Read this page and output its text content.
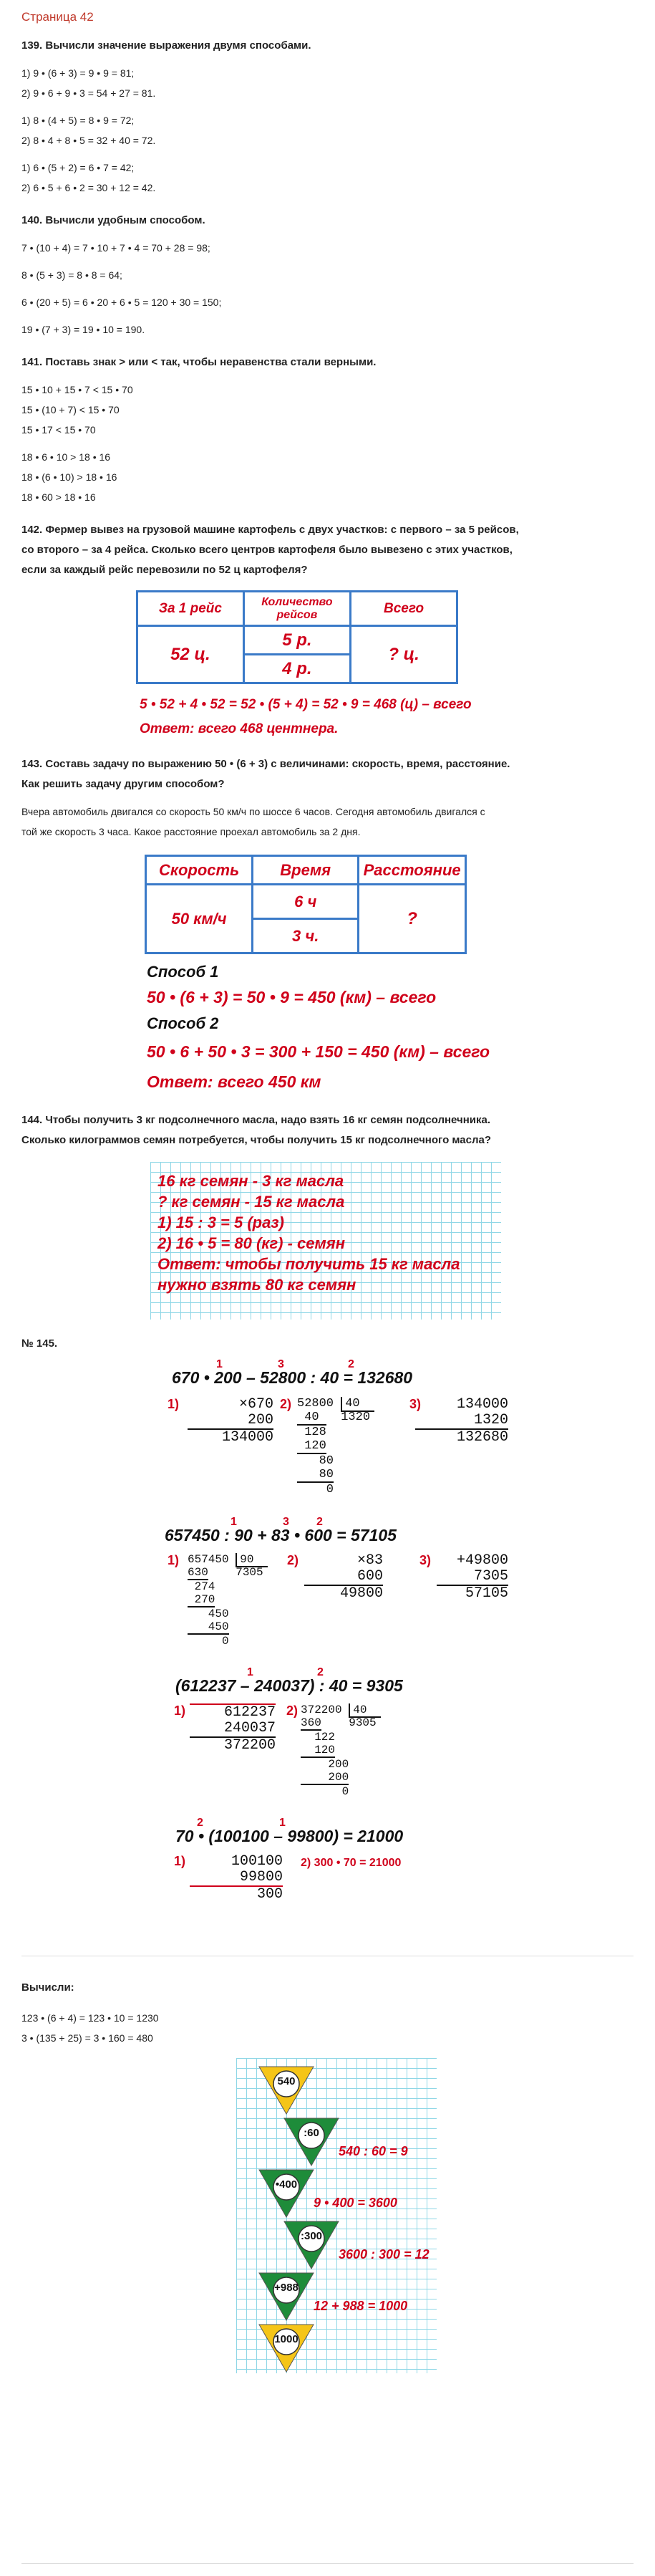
Страница 42
139. Вычисли значение выражения двумя способами.
1) 9 • (6 + 3) = 9 • 9 = 81;
2) 9 • 6 + 9 • 3 = 54 + 27 = 81.
1) 8 • (4 + 5) = 8 • 9 = 72;
2) 8 • 4 + 8 • 5 = 32 + 40 = 72.
1) 6 • (5 + 2) = 6 • 7 = 42;
2) 6 • 5 + 6 • 2 = 30 + 12 = 42.
140. Вычисли удобным способом.
7 • (10 + 4) = 7 • 10 + 7 • 4 = 70 + 28 = 98;
8 • (5 + 3) = 8 • 8 = 64;
6 • (20 + 5) = 6 • 20 + 6 • 5 = 120 + 30 = 150;
19 • (7 + 3) = 19 • 10 = 190.
141. Поставь знак > или < так, чтобы неравенства стали верными.
15 • 10 + 15 • 7 < 15 • 70
15 • (10 + 7) < 15 • 70
15 • 17 < 15 • 70
18 • 6 • 10 > 18 • 16
18 • (6 • 10) > 18 • 16
18 • 60 > 18 • 16
142. Фермер вывез на грузовой машине картофель с двух участков: с первого – за 5 рейсов,
со второго – за 4 рейса. Сколько всего центров картофеля было вывезено с этих участков,
если за каждый рейс перевозили по 52 ц картофеля?
За 1 рейс	Количество рейсов	Всего
52 ц.	5 р.	? ц.
	4 р.	
5 • 52 + 4 • 52 = 52 • (5 + 4) = 52 • 9 = 468 (ц) – всего
Ответ: всего 468 центнера.
143. Составь задачу по выражению 50 • (6 + 3) с величинами: скорость, время, расстояние.
Как решить задачу другим способом?
Вчера автомобиль двигался со скорость 50 км/ч по шоссе 6 часов. Сегодня автомобиль двигался с
той же скорость 3 часа. Какое расстояние проехал автомобиль за 2 дня.
Скорость	Время	Расстояние
50 км/ч	6 ч	?
	3 ч.	
Способ 1
50 • (6 + 3) = 50 • 9 = 450 (км) – всего
Способ 2
50 • 6 + 50 • 3 = 300 + 150 = 450 (км) – всего
Ответ: всего 450 км
144. Чтобы получить 3 кг подсолнечного масла, надо взять 16 кг семян подсолнечника.
Сколько килограммов семян потребуется, чтобы получить 15 кг подсолнечного масла?
16 кг семян - 3 кг масла
? кг семян - 15 кг масла
1) 15 : 3 = 5 (раз)
2) 16 • 5 = 80 (кг) - семян
Ответ: чтобы получить 15 кг масла
нужно взять 80 кг семян
№ 145.
1	3	2
670 • 200 – 52800 : 40 = 132680
1)	×670
200
134000
2) 52800 40
40   1320
128
120
80
80
0
3)	134000
1320
132680
1	3 2
657450 : 90 + 83 • 600 = 57105
1) 657450 90
630    7305
274
270
450
450
0
2)	×83
600
49800
3)	+49800
7305
57105
1	2
(612237 – 240037) : 40 = 9305
1)	612237
240037
372200
2) 372200 40
360    9305
122
120
200
200
0
2	1
70 • (100100 – 99800) = 21000
1)	100100
99800
300
2) 300 • 70 = 21000
Вычисли:
123 • (6 + 4) = 123 • 10 = 1230
3 • (135 + 25) = 3 • 160 = 480
540
:60
540 : 60 = 9
•400
9 • 400 = 3600
:300
3600 : 300 = 12
+988
12 + 988 = 1000
1000
